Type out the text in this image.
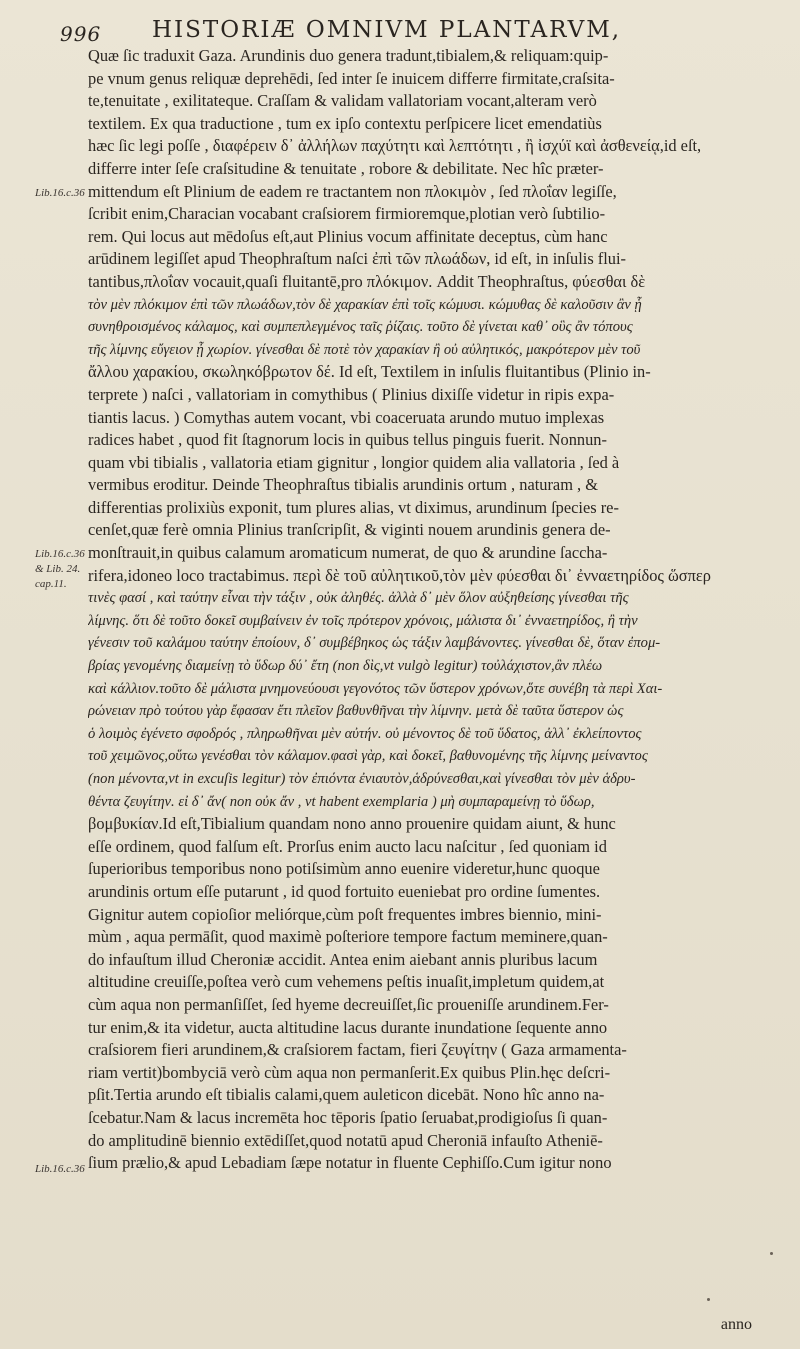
996 HISTORIÆ OMNIVM PLANTARVM,
Quæ ſic traduxit Gaza. Arundinis duo genera tradunt,tibialem,& reliquam:quip-
pe vnum genus reliquæ deprehēdi, ſed inter ſe inuicem differre firmitate,craſsita-
te,tenuitate , exilitateque. Craſſam & validam vallatoriam vocant,alteram verò
textilem. Ex qua traductione , tum ex ipſo contextu perſpicere licet emendatiùs
hæc ſic legi poſſe , διαφέρειν δ᾽ ἀλλήλων παχύτητι καὶ λεπτότητι , ἢ ἰσχύϊ καὶ ἀσθενείᾳ,id eſt,
differre inter ſeſe craſsitudine & tenuitate , robore & debilitate. Nec hîc præter-
mittendum eſt Plinium de eadem re tractantem non πλοκιμὸν , ſed πλοΐαν legiſſe,
ſcribit enim,Characian vocabant craſsiorem firmioremque,plotian verò ſubtilio-
rem. Qui locus aut mēdoſus eſt,aut Plinius vocum affinitate deceptus, cùm hanc
arūdinem legiſſet apud Theophraſtum naſci ἐπὶ τῶν πλωάδων, id eſt, in inſulis flui-
tantibus,πλοΐαν vocauit,quaſi fluitantē,pro πλόκιμον. Addit Theophraſtus, φύεσθαι δὲ
τὸν μὲν πλόκιμον ἐπὶ τῶν πλωάδων,τὸν δὲ χαρακίαν ἐπὶ τοῖς κώμυσι. κώμυθας δὲ καλοῦσιν ἂν ᾗ
συνηθροισμένος κάλαμος, καὶ συμπεπλεγμένος ταῖς ῥίζαις. τοῦτο δὲ γίνεται καθ᾽ οὓς ἂν τόπους
τῆς λίμνης εὔγειον ᾖ χωρίον. γίνεσθαι δὲ ποτὲ τὸν χαρακίαν ἢ οὐ αὐλητικός, μακρότερον μὲν τοῦ
ἄλλου χαρακίου, σκωληκόβρωτον δέ. Id eſt, Textilem in inſulis fluitantibus (Plinio in-
terprete ) naſci , vallatoriam in comythibus ( Plinius dixiſſe videtur in ripis expa-
tiantis lacus. ) Comythas autem vocant, vbi coaceruata arundo mutuo implexas
radices habet , quod fit ſtagnorum locis in quibus tellus pinguis fuerit. Nonnun-
quam vbi tibialis , vallatoria etiam gignitur , longior quidem alia vallatoria , ſed à
vermibus eroditur. Deinde Theophraſtus tibialis arundinis ortum , naturam , &
differentias prolixiùs exponit, tum plures alias, vt diximus, arundinum ſpecies re-
cenſet,quæ ferè omnia Plinius tranſcripſit, & viginti nouem arundinis genera de-
monſtrauit,in quibus calamum aromaticum numerat, de quo & arundine ſaccha-
rifera,idoneo loco tractabimus. περὶ δὲ τοῦ αὐλητικοῦ,τὸν μὲν φύεσθαι δι᾽ ἐνναετηρίδος ὥσπερ
τινὲς φασί , καὶ ταύτην εἶναι τὴν τάξιν , οὐκ ἀληθές. ἀλλὰ δ᾽ μὲν ὅλον αὐξηθείσης γίνεσθαι τῆς
λίμνης. ὅτι δὲ τοῦτο δοκεῖ συμβαίνειν ἐν τοῖς πρότερον χρόνοις, μάλιστα δι᾽ ἐνναετηρίδος, ἢ τὴν
γένεσιν τοῦ καλάμου ταύτην ἐποίουν, δ᾽ συμβέβηκος ὡς τάξιν λαμβάνοντες. γίνεσθαι δὲ, ὅταν ἐπομ-
βρίας γενομένης διαμείνῃ τὸ ὕδωρ δύ᾽ ἔτη (non δὶς,vt vulgò legitur) τοὐλάχιστον,ἂν πλέω
καὶ κάλλιον.τοῦτο δὲ μάλιστα μνημονεύουσι γεγονότος τῶν ὕστερον χρόνων,ὅτε συνέβη τὰ περὶ Χαι-
ρώνειαν πρὸ τούτου γὰρ ἔφασαν ἔτι πλεῖον βαθυνθῆναι τὴν λίμνην. μετὰ δὲ ταῦτα ὕστερον ὡς
ὁ λοιμὸς ἐγένετο σφοδρός , πληρωθῆναι μὲν αὐτήν. οὐ μένοντος δὲ τοῦ ὕδατος, ἀλλ᾽ ἐκλείποντος
τοῦ χειμῶνος,οὕτω γενέσθαι τὸν κάλαμον.φασὶ γὰρ, καὶ δοκεῖ, βαθυνομένης τῆς λίμνης μείναντος
(non μένοντα,vt in excuſis legitur) τὸν ἐπιόντα ἐνιαυτὸν,ἁδρύνεσθαι,καὶ γίνεσθαι τὸν μὲν ἁδρυ-
θέντα ζευγίτην. εἰ δ᾽ ἄν( non οὐκ ἄν , vt habent exemplaria ) μὴ συμπαραμείνῃ τὸ ὕδωρ,
βομβυκίαν.Id eſt,Tibialium quandam nono anno prouenire quidam aiunt, & hunc
eſſe ordinem, quod falſum eſt. Prorſus enim aucto lacu naſcitur , ſed quoniam id
ſuperioribus temporibus nono potiſsimùm anno euenire videretur,hunc quoque
arundinis ortum eſſe putarunt , id quod fortuito eueniebat pro ordine ſumentes.
Gignitur autem copioſior meliórque,cùm poſt frequentes imbres biennio, mini-
mùm , aqua permāſit, quod maximè poſteriore tempore factum meminere,quan-
do infauſtum illud Cheroniæ accidit. Antea enim aiebant annis pluribus lacum
altitudine creuiſſe,poſtea verò cum vehemens peſtis inuaſit,impletum quidem,at
cùm aqua non permanſiſſet, ſed hyeme decreuiſſet,ſic proueniſſe arundinem.Fer-
tur enim,& ita videtur, aucta altitudine lacus durante inundatione ſequente anno
craſsiorem fieri arundinem,& craſsiorem factam, fieri ζευγίτην ( Gaza armamenta-
riam vertit)bombyciā verò cùm aqua non permanſerit.Ex quibus Plin.hęc deſcri-
pſit.Tertia arundo eſt tibialis calami,quem auleticon dicebāt. Nono hîc anno na-
ſcebatur.Nam & lacus incremēta hoc tēporis ſpatio ſeruabat,prodigioſus ſi quan-
do amplitudinē biennio extēdiſſet,quod notatū apud Cheroniā infauſto Atheniē-
ſium prælio,& apud Lebadiam ſæpe notatur in fluente Cephiſſo.Cum igitur nono
Lib.16.c.36
Lib.16.c.36
& Lib. 24.
cap.11.
Lib.16.c.36
anno
